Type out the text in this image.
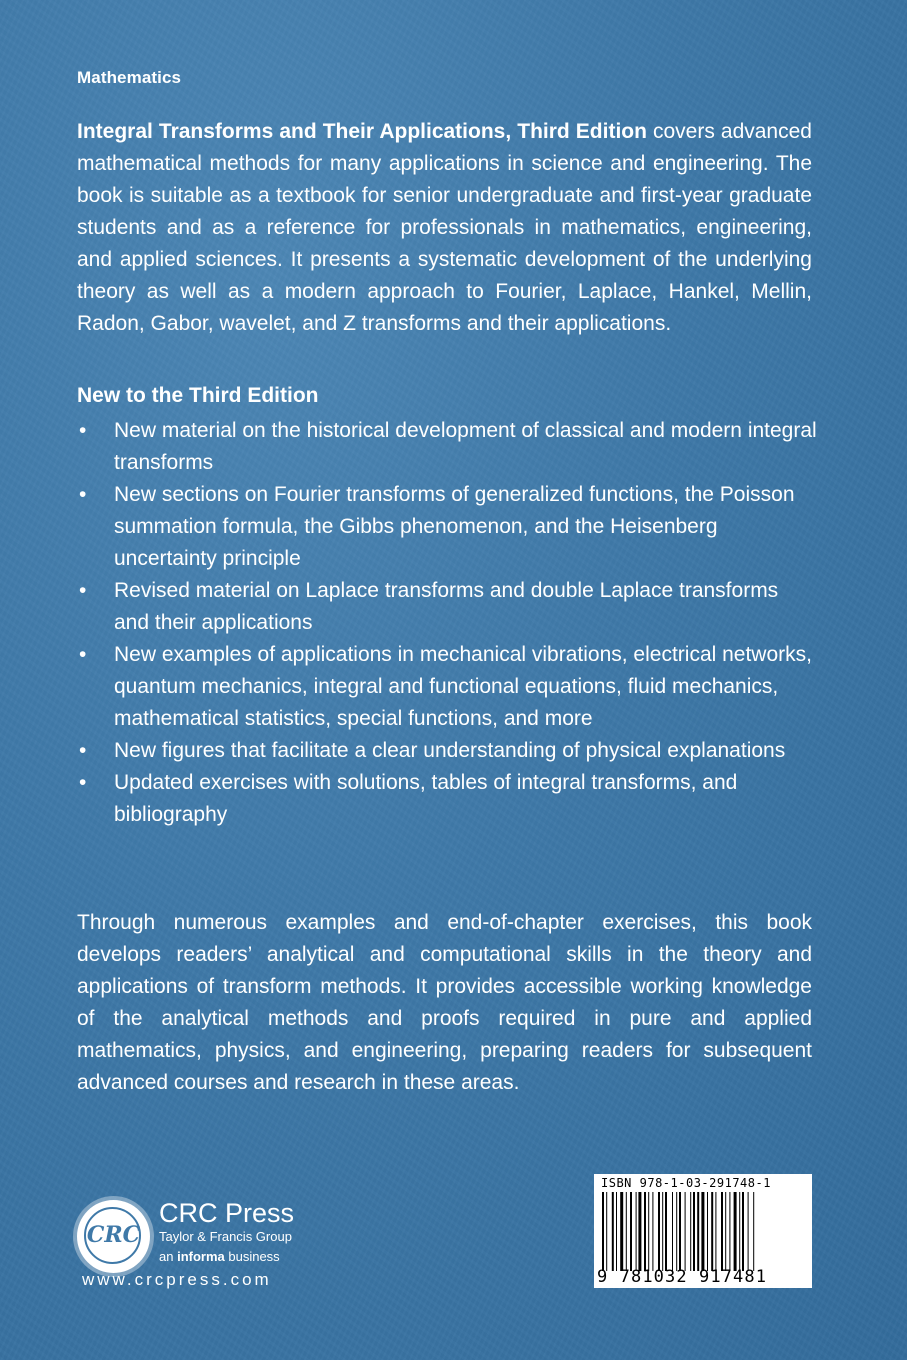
Mathematics

Integral Transforms and Their Applications, Third Edition covers advanced mathematical methods for many applications in science and engineering. The book is suitable as a textbook for senior undergraduate and first-year graduate students and as a reference for professionals in mathematics, engineering, and applied sciences. It presents a systematic development of the underlying theory as well as a modern approach to Fourier, Laplace, Hankel, Mellin, Radon, Gabor, wavelet, and Z transforms and their applications.

New to the Third Edition
• New material on the historical development of classical and modern integral transforms
• New sections on Fourier transforms of generalized functions, the Poisson summation formula, the Gibbs phenomenon, and the Heisenberg uncertainty principle
• Revised material on Laplace transforms and double Laplace transforms and their applications
• New examples of applications in mechanical vibrations, electrical networks, quantum mechanics, integral and functional equations, fluid mechanics, mathematical statistics, special functions, and more
• New figures that facilitate a clear understanding of physical explanations
• Updated exercises with solutions, tables of integral transforms, and bibliography

Through numerous examples and end-of-chapter exercises, this book develops readers’ analytical and computational skills in the theory and applications of transform methods. It provides accessible working knowledge of the analytical methods and proofs required in pure and applied mathematics, physics, and engineering, preparing readers for subsequent advanced courses and research in these areas.

CRC
CRC Press
Taylor & Francis Group
an informa business
www.crcpress.com
ISBN 978-1-03-291748-1
9 781032 917481
